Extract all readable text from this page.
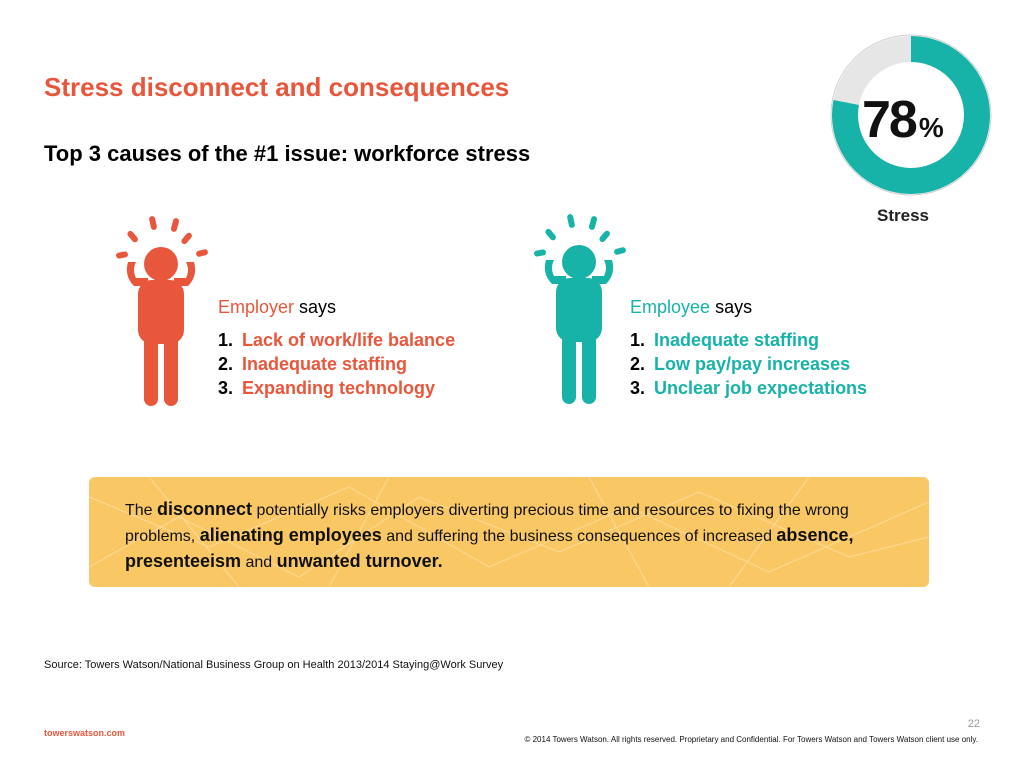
Stress disconnect and consequences
Top 3 causes of the #1 issue: workforce stress
78 %
Stress

Employer says

1. Lack of work/life balance
2. Inadequate staffing
3. Expanding technology

Employee says

1. Inadequate staffing
2. Low pay/pay increases
3. Unclear job expectations
The disconnect potentially risks employers diverting precious time and resources to fixing the wrong problems, alienating employees and suffering the business consequences of increased absence, presenteeism and unwanted turnover.
Source: Towers Watson/National Business Group on Health 2013/2014 Staying@Work Survey
22
towerswatson.com
© 2014 Towers Watson. All rights reserved. Proprietary and Confidential. For Towers Watson and Towers Watson client use only.
